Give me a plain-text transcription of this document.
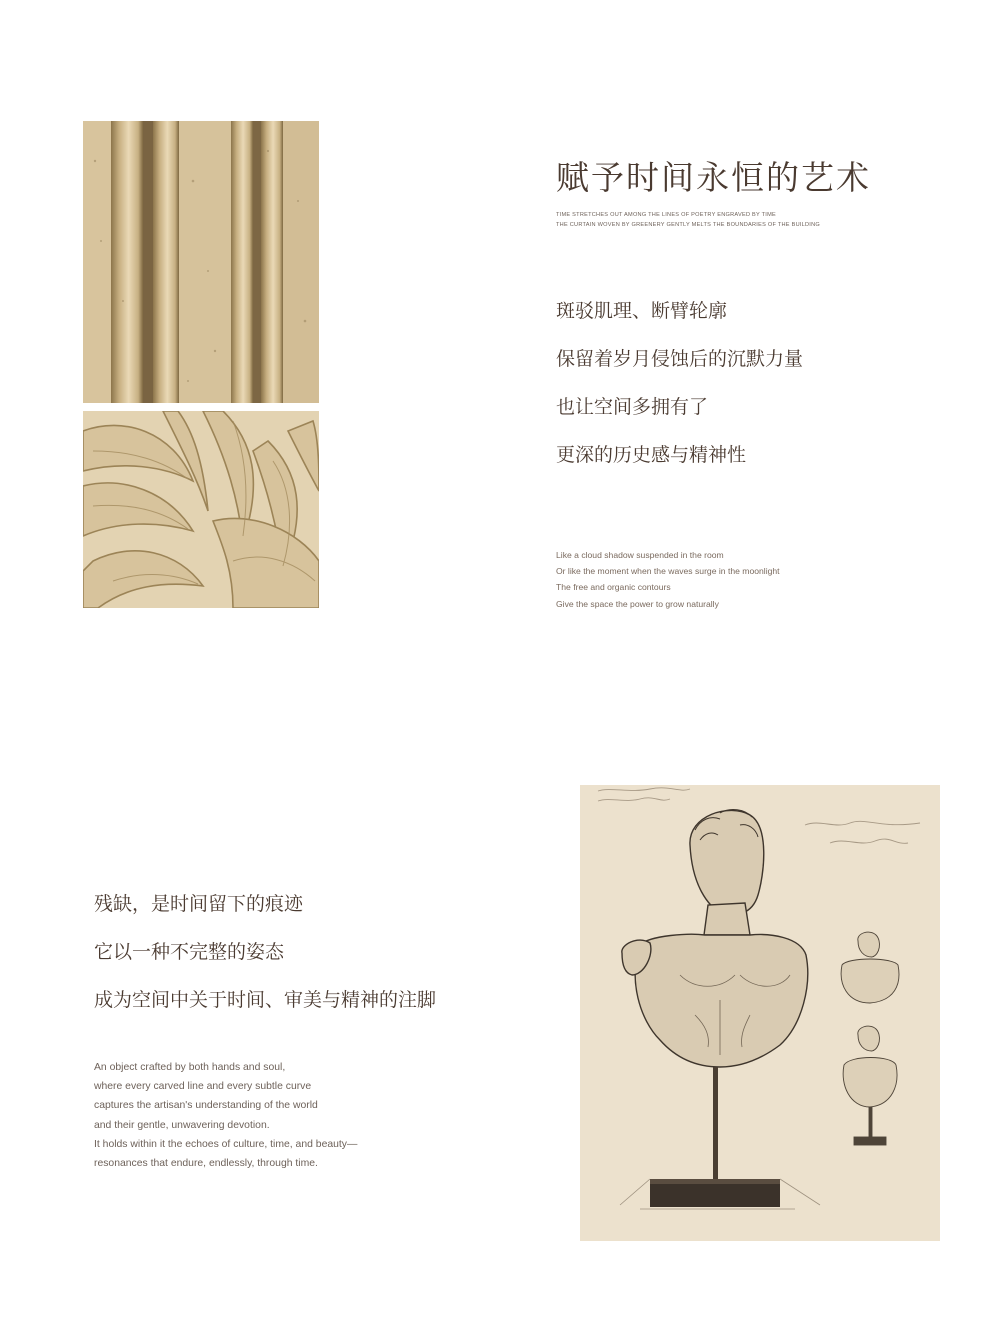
赋予时间永恒的艺术
TIME STRETCHES OUT AMONG THE LINES OF POETRY ENGRAVED BY TIME
THE CURTAIN WOVEN BY GREENERY GENTLY MELTS THE BOUNDARIES OF THE BUILDING
斑驳肌理、断臂轮廓
保留着岁月侵蚀后的沉默力量
也让空间多拥有了
更深的历史感与精神性
Like a cloud shadow suspended in the room
Or like the moment when the waves surge in the moonlight
The free and organic contours
Give the space the power to grow naturally
残缺，是时间留下的痕迹
它以一种不完整的姿态
成为空间中关于时间、审美与精神的注脚
An object crafted by both hands and soul,
where every carved line and every subtle curve
captures the artisan's understanding of the world
and their gentle, unwavering devotion.
It holds within it the echoes of culture, time, and beauty—
resonances that endure, endlessly, through time.
